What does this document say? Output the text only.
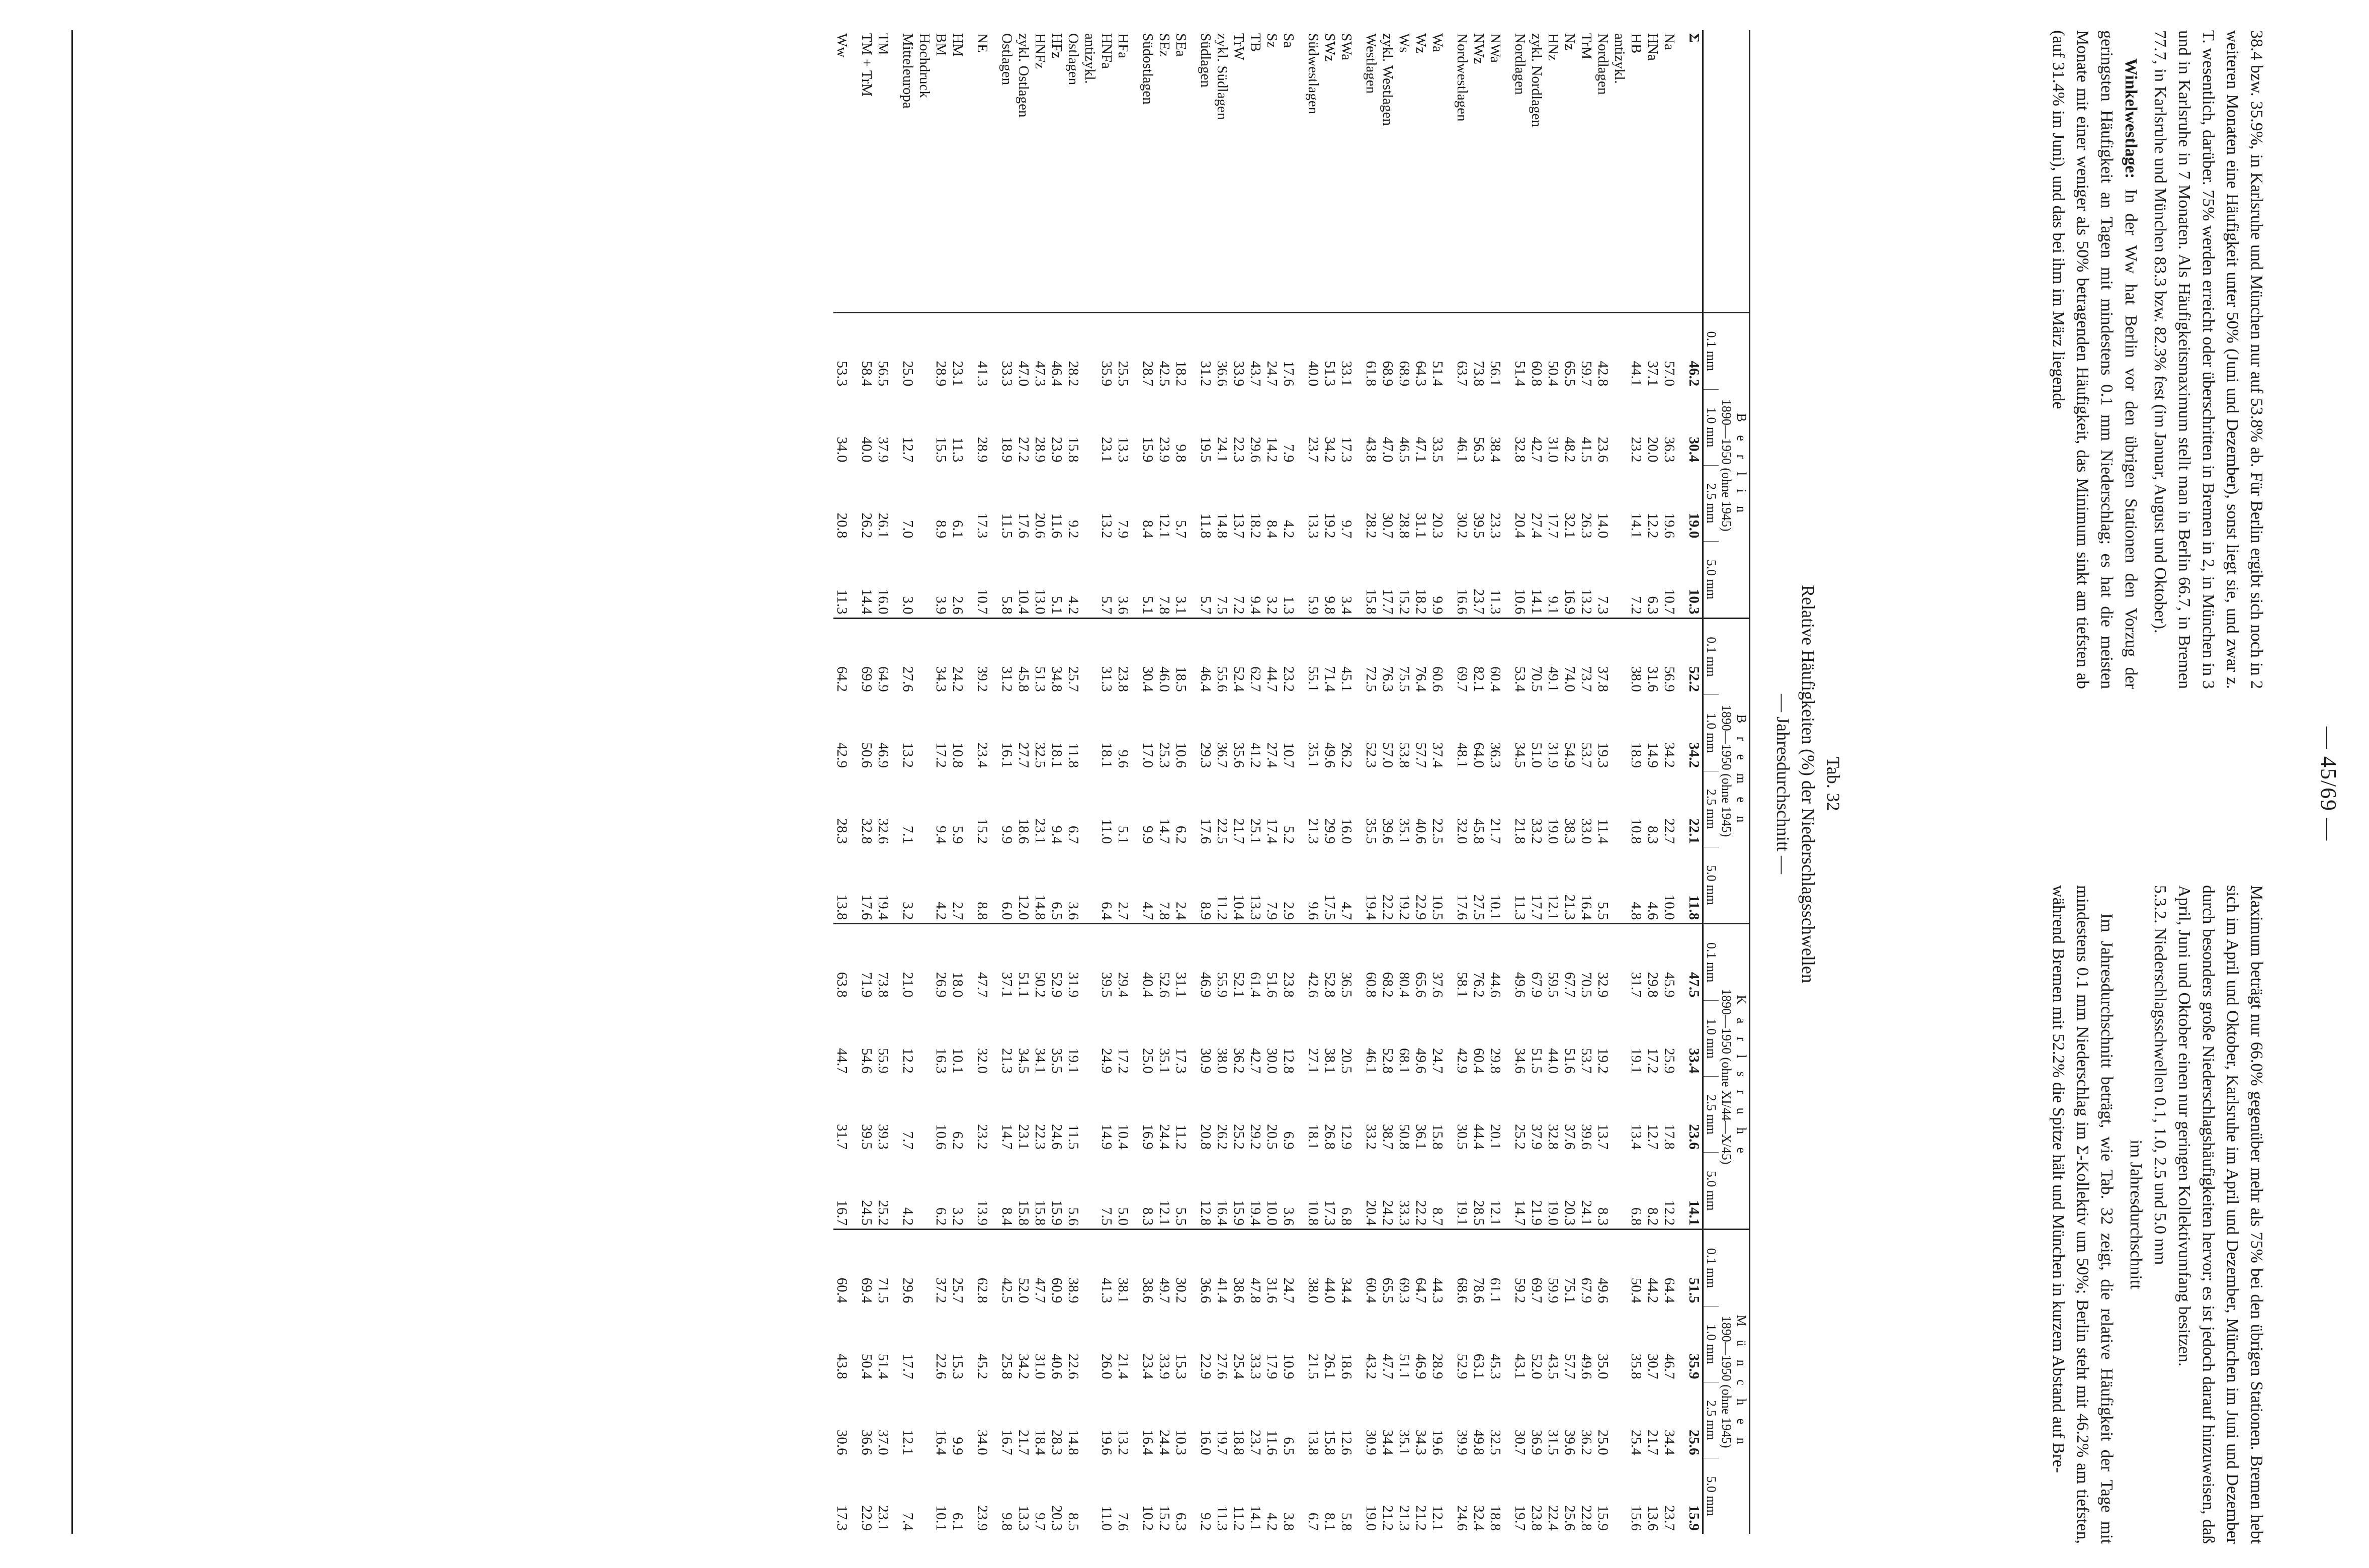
— 45/69 —

38.4 bzw. 35.9%, in Karlsruhe und München nur auf 53.8% ab. Für Berlin ergibt sich noch in 2 weiteren Monaten eine Häufigkeit unter 50% (Juni und Dezember), sonst liegt sie, und zwar z. T. wesentlich, darüber. 75% werden erreicht oder überschritten in Bremen in 2, in München in 3 und in Karlsruhe in 7 Monaten. Als Häufigkeitsmaximum stellt man in Berlin 66.7, in Bremen 77.7, in Karlsruhe und München 83.3 bzw. 82.3% fest (im Januar, August und Oktober).

Winkelwestlage: In der Ww hat Berlin vor den übrigen Stationen den Vorzug der geringsten Häufigkeit an Tagen mit mindestens 0.1 mm Niederschlag; es hat die meisten Monate mit einer weniger als 50% betragenden Häufigkeit, das Minimum sinkt am tiefsten ab (auf 31.4% im Juni), und das bei ihm im März liegende

Maximum beträgt nur 66.0% gegenüber mehr als 75% bei den übrigen Stationen. Bremen hebt sich im April und Oktober, Karlsruhe im April und Dezember, München im Juni und Dezember durch besonders große Niederschlagshäufigkeiten hervor; es ist jedoch darauf hinzuweisen, daß April, Juni und Oktober einen nur geringen Kollektivumfang besitzen.

5.3.2. Niederschlagsschwellen 0.1, 1.0, 2.5 und 5.0 mm
im Jahresdurchschnitt

Im Jahresdurchschnitt beträgt, wie Tab. 32 zeigt, die relative Häufigkeit der Tage mit mindestens 0.1 mm Niederschlag im Σ-Kollektiv um 50%; Berlin steht mit 46.2% am tiefsten, während Bremen mit 52.2% die Spitze hält und München in kurzem Abstand auf Bre-

Tab. 32
Relative Häufigkeiten (%) der Niederschlagsschwellen
— Jahresdurchschnitt —
	B e r l i n				B r e m e n				K a r l s r u h e				M ü n c h e n			
	1890—1950 (ohne 1945)				1890—1950 (ohne 1945)				1890—1950 (ohne XI/44—X/45)				1890—1950 (ohne 1945)			
	0.1 mm	1.0 mm	2.5 mm	5.0 mm	0.1 mm	1.0 mm	2.5 mm	5.0 mm	0.1 mm	1.0 mm	2.5 mm	5.0 mm	0.1 mm	1.0 mm	2.5 mm	5.0 mm
Σ	46.2	30.4	19.0	10.3	52.2	34.2	22.1	11.8	47.5	33.4	23.6	14.1	51.5	35.9	25.6	15.9
Na	57.0	36.3	19.6	10.7	56.9	34.2	22.7	10.0	45.9	25.9	17.8	12.2	64.4	46.7	34.4	23.7
HNa	37.1	20.0	12.2	6.3	31.6	14.9	8.3	4.6	29.8	17.2	12.7	8.2	44.2	30.7	21.7	13.6
HB	44.1	23.2	14.1	7.2	38.0	18.9	10.8	4.8	31.7	19.1	13.4	6.8	50.4	35.8	25.4	15.6
antizykl.																
Nordlagen	42.8	23.6	14.0	7.3	37.8	19.3	11.4	5.5	32.9	19.2	13.7	8.3	49.6	35.0	25.0	15.9
TrM	59.7	41.5	26.3	13.2	73.7	53.7	33.0	16.4	70.5	53.7	39.6	24.1	67.9	49.6	36.2	22.8
Nz	65.5	48.2	32.1	16.9	74.0	54.9	38.3	21.3	67.7	51.6	37.6	20.3	75.1	57.7	39.6	25.6
HNz	50.4	31.0	17.7	9.1	49.1	31.9	19.0	12.1	59.5	44.0	32.8	19.0	59.9	43.5	31.5	22.4
zykl. Nordlagen	60.8	42.7	27.4	14.1	70.5	51.0	33.2	17.7	67.9	51.5	37.9	21.9	69.7	52.0	36.9	23.8
Nordlagen	51.4	32.8	20.4	10.6	53.4	34.5	21.8	11.3	49.6	34.6	25.2	14.7	59.2	43.1	30.7	19.7
NWa	56.1	38.4	23.3	11.3	60.4	36.3	21.7	10.1	44.6	29.8	20.1	12.1	61.1	45.3	32.5	18.8
NWz	73.8	56.3	39.5	23.7	82.1	64.0	45.8	27.5	76.2	60.4	44.4	28.5	78.6	63.1	49.8	32.4
Nordwestlagen	63.7	46.1	30.2	16.6	69.7	48.1	32.0	17.6	58.1	42.9	30.5	19.1	68.6	52.9	39.9	24.6
Wa	51.4	33.5	20.3	9.9	60.6	37.4	22.5	10.5	37.6	24.7	15.8	8.7	44.3	28.9	19.6	12.1
Wz	64.3	47.1	31.1	18.2	76.4	57.7	40.6	22.9	65.6	49.6	36.1	22.2	64.7	46.9	34.3	21.2
Ws	68.9	46.5	28.8	15.2	75.5	53.8	35.1	19.2	80.4	68.1	50.8	33.3	69.3	51.1	35.1	21.3
zykl. Westlagen	68.9	47.0	30.7	17.7	76.3	57.0	39.6	22.2	68.2	52.8	38.7	24.2	65.5	47.7	34.4	21.2
Westlagen	61.8	43.8	28.2	15.8	72.5	52.3	35.5	19.4	60.8	46.1	33.2	20.4	60.4	43.2	30.9	19.0
SWa	33.1	17.3	9.7	3.4	45.1	26.2	16.0	4.7	36.5	20.5	12.9	6.8	34.4	18.6	12.6	5.8
SWz	51.3	34.2	19.2	9.8	71.4	49.6	29.9	17.5	52.8	38.1	26.8	17.3	44.0	26.1	15.8	8.1
Südwestlagen	40.0	23.7	13.3	5.9	55.1	35.1	21.3	9.6	42.6	27.1	18.1	10.8	38.0	21.5	13.8	6.7
Sa	17.6	7.9	4.2	1.3	23.2	10.7	5.2	2.9	23.8	12.8	6.9	3.6	24.7	10.9	6.5	3.8
Sz	24.7	14.2	8.4	3.2	44.7	27.4	17.4	7.9	51.6	30.0	20.5	10.0	31.6	17.9	11.6	4.2
TB	43.7	29.6	18.2	9.4	62.7	41.2	25.1	13.3	61.4	42.7	29.2	19.4	47.8	33.3	23.7	14.1
TrW	33.9	22.3	13.7	7.2	52.4	35.6	21.7	10.4	52.1	36.2	25.2	15.9	38.6	25.4	18.8	11.2
zykl. Südlagen	36.6	24.1	14.8	7.5	55.6	36.7	22.5	11.2	55.9	38.0	26.2	16.4	41.4	27.6	19.7	11.3
Südlagen	31.2	19.5	11.8	5.7	46.4	29.3	17.6	8.9	46.9	30.9	20.8	12.8	36.6	22.9	16.0	9.2
SEa	18.2	9.8	5.7	3.1	18.5	10.6	6.2	2.4	31.1	17.3	11.2	5.5	30.2	15.3	10.3	6.3
SEz	42.5	23.9	12.1	7.8	46.0	25.3	14.7	7.8	52.6	35.1	24.4	12.1	49.7	33.9	24.4	15.2
Südostlagen	28.7	15.9	8.4	5.1	30.4	17.0	9.9	4.7	40.4	25.0	16.9	8.3	38.6	23.4	16.4	10.2
HFa	25.5	13.3	7.9	3.6	23.8	9.6	5.1	2.7	29.4	17.2	10.4	5.0	38.1	21.4	13.2	7.6
HNFa	35.9	23.1	13.2	5.7	31.3	18.1	11.0	6.4	39.5	24.9	14.9	7.5	41.3	26.0	19.6	11.0
antizykl.																
Ostlagen	28.2	15.8	9.2	4.2	25.7	11.8	6.7	3.6	31.9	19.1	11.5	5.6	38.9	22.6	14.8	8.5
HFz	46.4	23.9	11.6	5.1	34.8	18.1	9.4	6.5	52.9	35.5	24.6	15.9	60.9	40.6	28.3	20.3
HNFz	47.3	28.9	20.6	13.0	51.3	32.5	23.1	14.8	50.2	34.1	22.3	15.8	47.7	31.0	18.4	9.7
zykl. Ostlagen	47.0	27.2	17.6	10.4	45.8	27.7	18.6	12.0	51.1	34.5	23.1	15.8	52.0	34.2	21.7	13.3
Ostlagen	33.3	18.9	11.5	5.8	31.2	16.1	9.9	6.0	37.1	21.3	14.7	8.4	42.5	25.8	16.7	9.8
NE	41.3	28.9	17.3	10.7	39.2	23.4	15.2	8.8	47.7	32.0	23.2	13.9	62.8	45.2	34.0	23.9
HM	23.1	11.3	6.1	2.6	24.2	10.8	5.9	2.7	18.0	10.1	6.2	3.2	25.7	15.3	9.9	6.1
BM	28.9	15.5	8.9	3.9	34.3	17.2	9.4	4.2	26.9	16.3	10.6	6.2	37.2	22.6	16.4	10.1
Hochdruck																
Mitteleuropa	25.0	12.7	7.0	3.0	27.6	13.2	7.1	3.2	21.0	12.2	7.7	4.2	29.6	17.7	12.1	7.4
TM	56.5	37.9	26.1	16.0	64.9	46.9	32.6	19.4	73.8	55.9	39.3	25.2	71.5	51.4	37.0	23.1
TM + TrM	58.4	40.0	26.2	14.4	69.9	50.6	32.8	17.6	71.9	54.6	39.5	24.5	69.4	50.4	36.6	22.9
Ww	53.3	34.0	20.8	11.3	64.2	42.9	28.3	13.8	63.8	44.7	31.7	16.7	60.4	43.8	30.6	17.3
